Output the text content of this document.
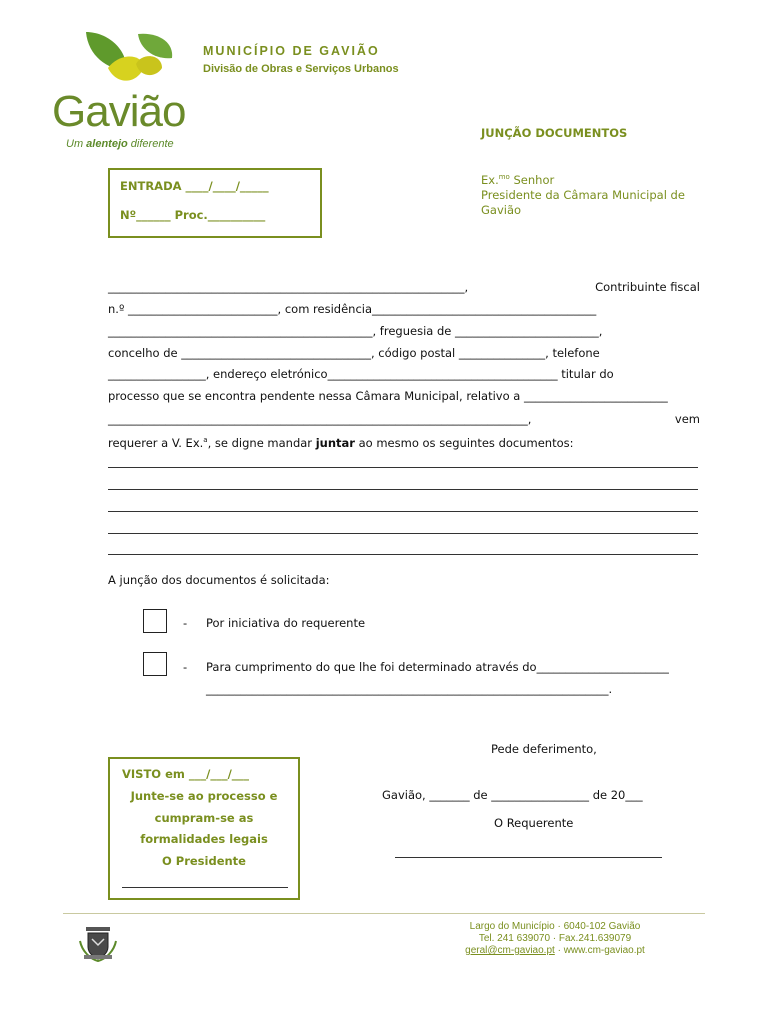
MUNICÍPIO DE GAVIÃO
Divisão de Obras e Serviços Urbanos
Gavião
Um alentejo diferente
JUNÇÃO DOCUMENTOS
Ex.$^{mo}$ Senhor
Presidente da Câmara Municipal de
Gavião
ENTRADA ____/____/_____
Nº______ Proc.__________
______________________________________________________________,	Contribuinte fiscal
n.º __________________________, com residência_______________________________________
______________________________________________, freguesia de _________________________,
concelho de _________________________________, código postal _______________, telefone
_________________, endereço eletrónico________________________________________ titular do
processo que se encontra pendente nessa Câmara Municipal, relativo a _________________________
_________________________________________________________________________,	vem
requerer a V. Ex.$^a$, se digne mandar juntar ao mesmo os seguintes documentos:
A junção dos documentos é solicitada:
- Por iniciativa do requerente
- Para cumprimento do que lhe foi determinado através do_______________________
______________________________________________________________________.
Pede deferimento,
Gavião, _______ de _________________ de 20___
O Requerente
VISTO em ___/___/___
Junte-se ao processo e
cumpram-se as
formalidades legais
O Presidente
Largo do Município · 6040-102 Gavião
Tel. 241 639070 · Fax.241.639079
geral@cm-gaviao.pt · www.cm-gaviao.pt
